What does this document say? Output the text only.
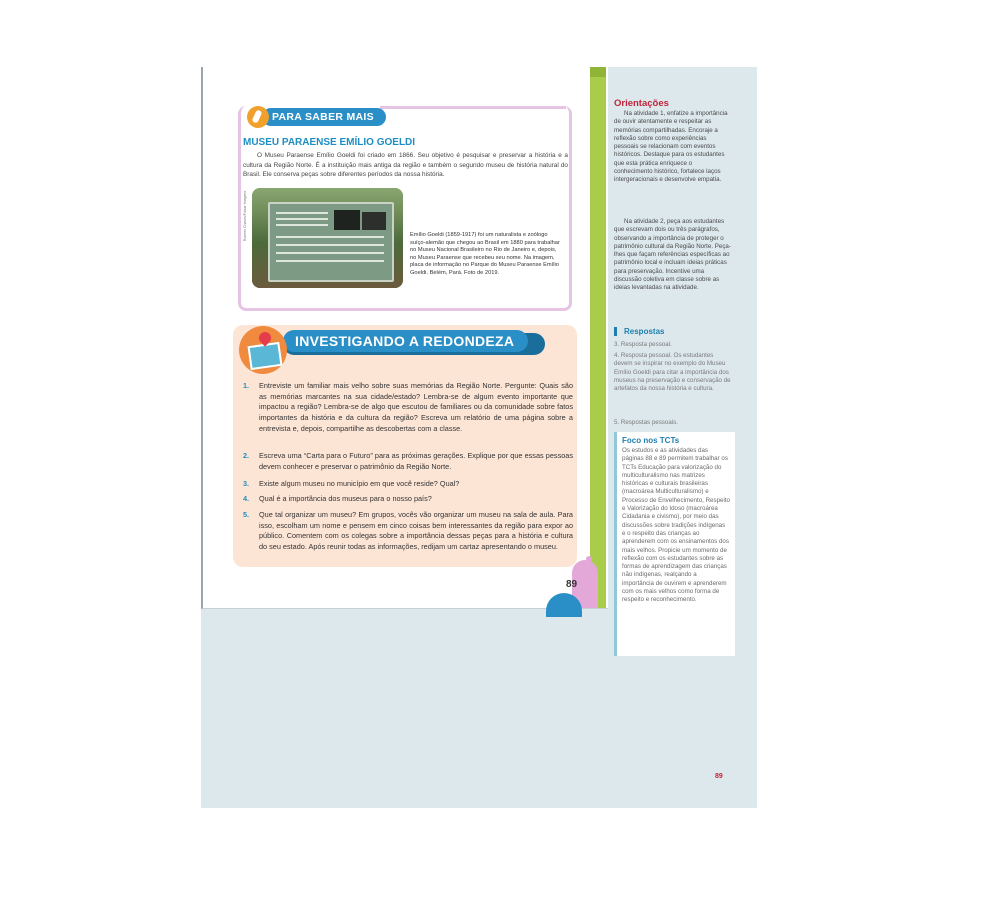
PARA SABER MAIS
MUSEU PARAENSE EMÍLIO GOELDI
O Museu Paraense Emílio Goeldi foi criado em 1866. Seu objetivo é pesquisar e preservar a história e a cultura da Região Norte. É a instituição mais antiga da região e também o segundo museu de história natural do Brasil. Ele conserva peças sobre diferentes períodos da nossa história.
Rubens Chaves/Pulsar Imagens	Emílio Goeldi (1859-1917) foi um naturalista e zoólogo suíço-alemão que chegou ao Brasil em 1880 para trabalhar no Museu Nacional Brasileiro no Rio de Janeiro e, depois, no Museu Paraense que recebeu seu nome. Na imagem, placa de informação no Parque do Museu Paraense Emílio Goeldi. Belém, Pará. Foto de 2019.
INVESTIGANDO A REDONDEZA
1. Entreviste um familiar mais velho sobre suas memórias da Região Norte. Pergunte: Quais são as memórias marcantes na sua cidade/estado? Lembra-se de algum evento importante que impactou a região? Lembra-se de algo que escutou de familiares ou da comunidade sobre fatos importantes da história e da cultura da região? Escreva um relatório de uma página sobre a entrevista e, depois, compartilhe as descobertas com a classe.
2. Escreva uma “Carta para o Futuro” para as próximas gerações. Explique por que essas pessoas devem conhecer e preservar o patrimônio da Região Norte.
3. Existe algum museu no município em que você reside? Qual?
4. Qual é a importância dos museus para o nosso país?
5. Que tal organizar um museu? Em grupos, vocês vão organizar um museu na sala de aula. Para isso, escolham um nome e pensem em cinco coisas bem interessantes da região para expor ao público. Comentem com os colegas sobre a importância dessas peças para a história e cultura do seu estado. Após reunir todas as informações, redijam um cartaz apresentando o museu.
89
Orientações
Na atividade 1, enfatize a importância de ouvir atentamente e respeitar as memórias compartilhadas. Encoraje a reflexão sobre como experiências pessoais se relacionam com eventos históricos. Destaque para os estudantes que esta prática enriquece o conhecimento histórico, fortalece laços intergeracionais e desenvolve empatia.
Na atividade 2, peça aos estudantes que escrevam dois ou três parágrafos, observando a importância de proteger o patrimônio cultural da Região Norte. Peça-lhes que façam referências específicas ao patrimônio local e incluam ideias práticas para preservação. Incentive uma discussão coletiva em classe sobre as ideias levantadas na atividade.
Respostas
3. Resposta pessoal.
4. Resposta pessoal. Os estudantes devem se inspirar no exemplo do Museu Emílio Goeldi para citar a importância dos museus na preservação e conservação de artefatos da nossa história e cultura.
5. Respostas pessoais.
Foco nos TCTs
Os estudos e as atividades das páginas 88 e 89 permitem trabalhar os TCTs Educação para valorização do multiculturalismo nas matrizes históricas e culturais brasileiras (macroárea Multiculturalismo) e Processo de Envelhecimento, Respeito e Valorização do Idoso (macroárea Cidadania e civismo), por meio das discussões sobre tradições indígenas e o respeito das crianças ao aprenderem com os ensinamentos dos mais velhos. Propicie um momento de reflexão com os estudantes sobre as formas de aprendizagem das crianças não indígenas, realçando a importância de ouvirem e aprenderem com os mais velhos como forma de respeito e reconhecimento.
89
